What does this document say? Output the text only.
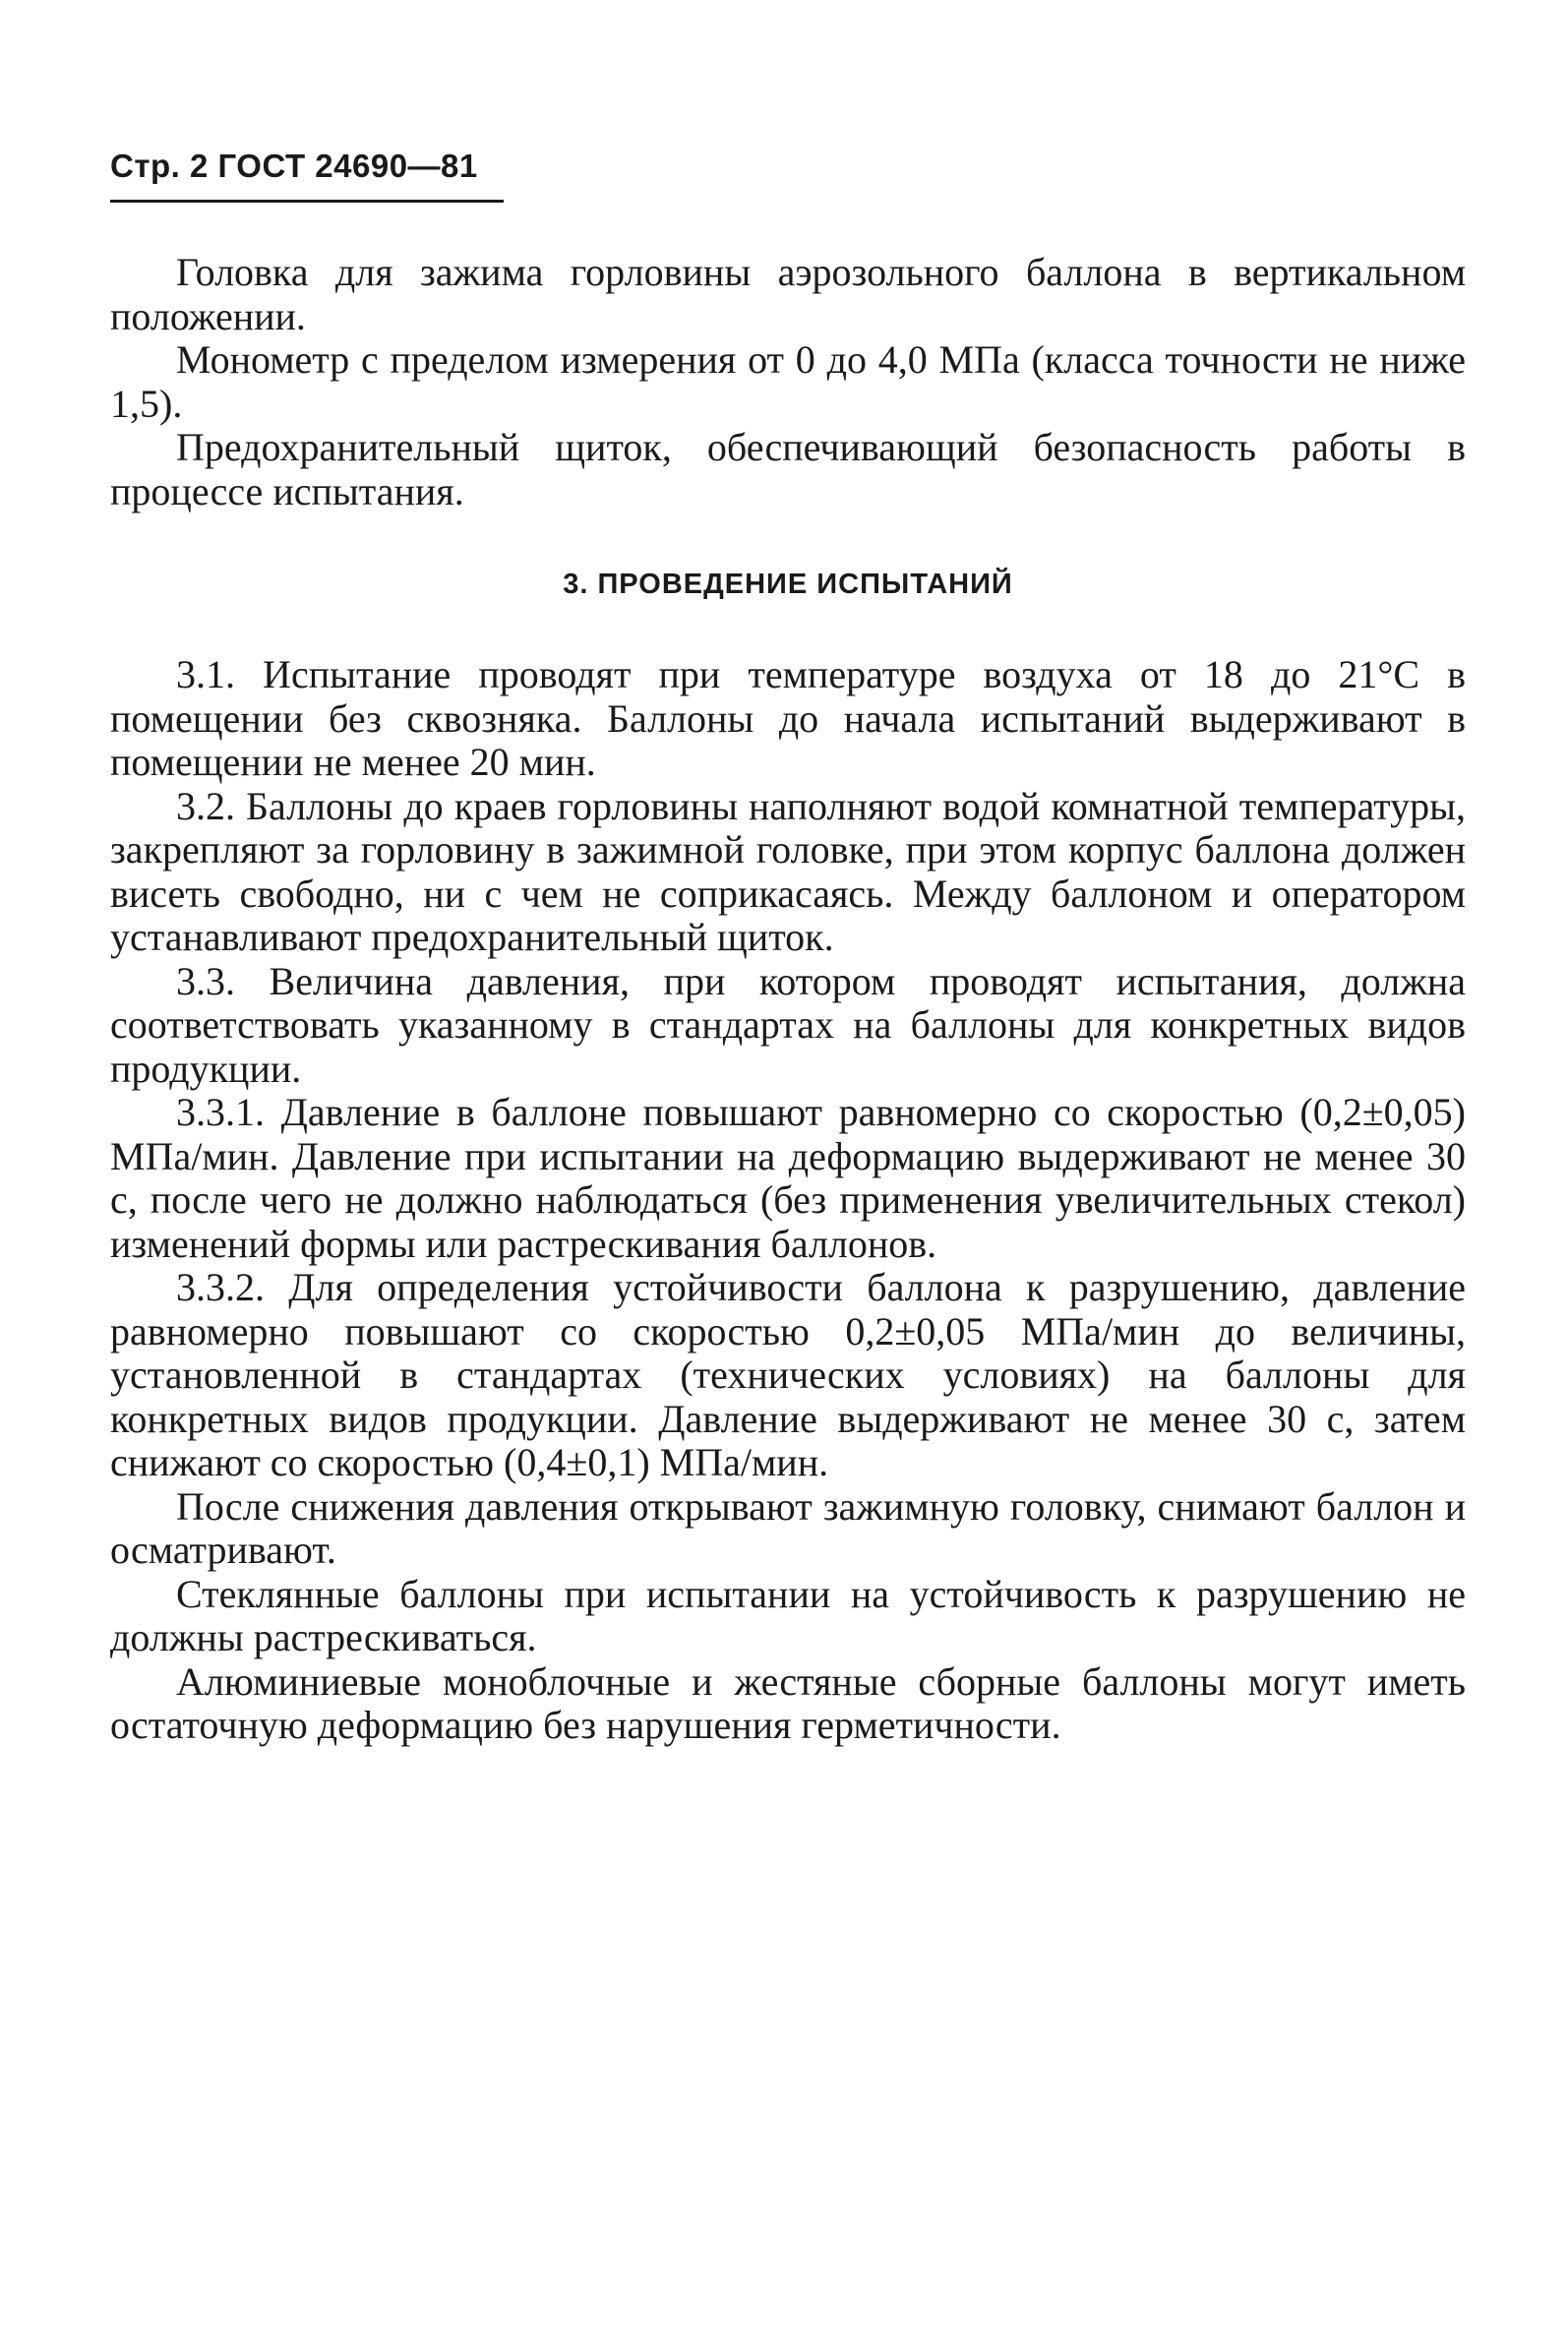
Стр. 2 ГОСТ 24690—81

Головка для зажима горловины аэрозольного баллона в вертикальном положении.

Монометр с пределом измерения от 0 до 4,0 МПа (класса точности не ниже 1,5).

Предохранительный щиток, обеспечивающий безопасность работы в процессе испытания.

3. ПРОВЕДЕНИЕ ИСПЫТАНИЙ

3.1. Испытание проводят при температуре воздуха от 18 до 21°С в помещении без сквозняка. Баллоны до начала испытаний выдерживают в помещении не менее 20 мин.

3.2. Баллоны до краев горловины наполняют водой комнатной температуры, закрепляют за горловину в зажимной головке, при этом корпус баллона должен висеть свободно, ни с чем не соприкасаясь. Между баллоном и оператором устанавливают предохранительный щиток.

3.3. Величина давления, при котором проводят испытания, должна соответствовать указанному в стандартах на баллоны для конкретных видов продукции.

3.3.1. Давление в баллоне повышают равномерно со скоростью (0,2±0,05) МПа/мин. Давление при испытании на деформацию выдерживают не менее 30 с, после чего не должно наблюдаться (без применения увеличительных стекол) изменений формы или растрескивания баллонов.

3.3.2. Для определения устойчивости баллона к разрушению, давление равномерно повышают со скоростью 0,2±0,05 МПа/мин до величины, установленной в стандартах (технических условиях) на баллоны для конкретных видов продукции. Давление выдерживают не менее 30 с, затем снижают со скоростью (0,4±0,1) МПа/мин.

После снижения давления открывают зажимную головку, снимают баллон и осматривают.

Стеклянные баллоны при испытании на устойчивость к разрушению не должны растрескиваться.

Алюминиевые моноблочные и жестяные сборные баллоны могут иметь остаточную деформацию без нарушения герметичности.
